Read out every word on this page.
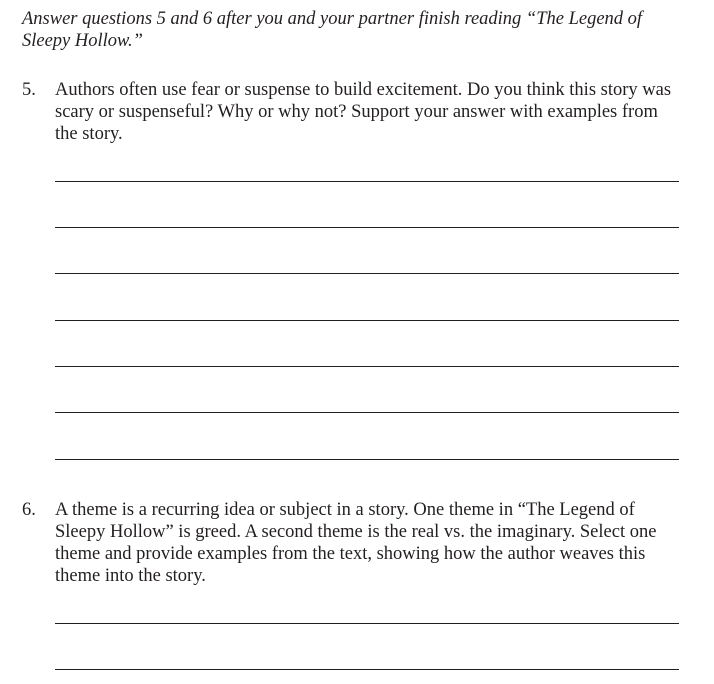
Answer questions 5 and 6 after you and your partner finish reading “The Legend of Sleepy Hollow.”

5. Authors often use fear or suspense to build excitement. Do you think this story was scary or suspenseful? Why or why not? Support your answer with examples from the story.
6. A theme is a recurring idea or subject in a story. One theme in “The Legend of Sleepy Hollow” is greed. A second theme is the real vs. the imaginary. Select one theme and provide examples from the text, showing how the author weaves this theme into the story.
